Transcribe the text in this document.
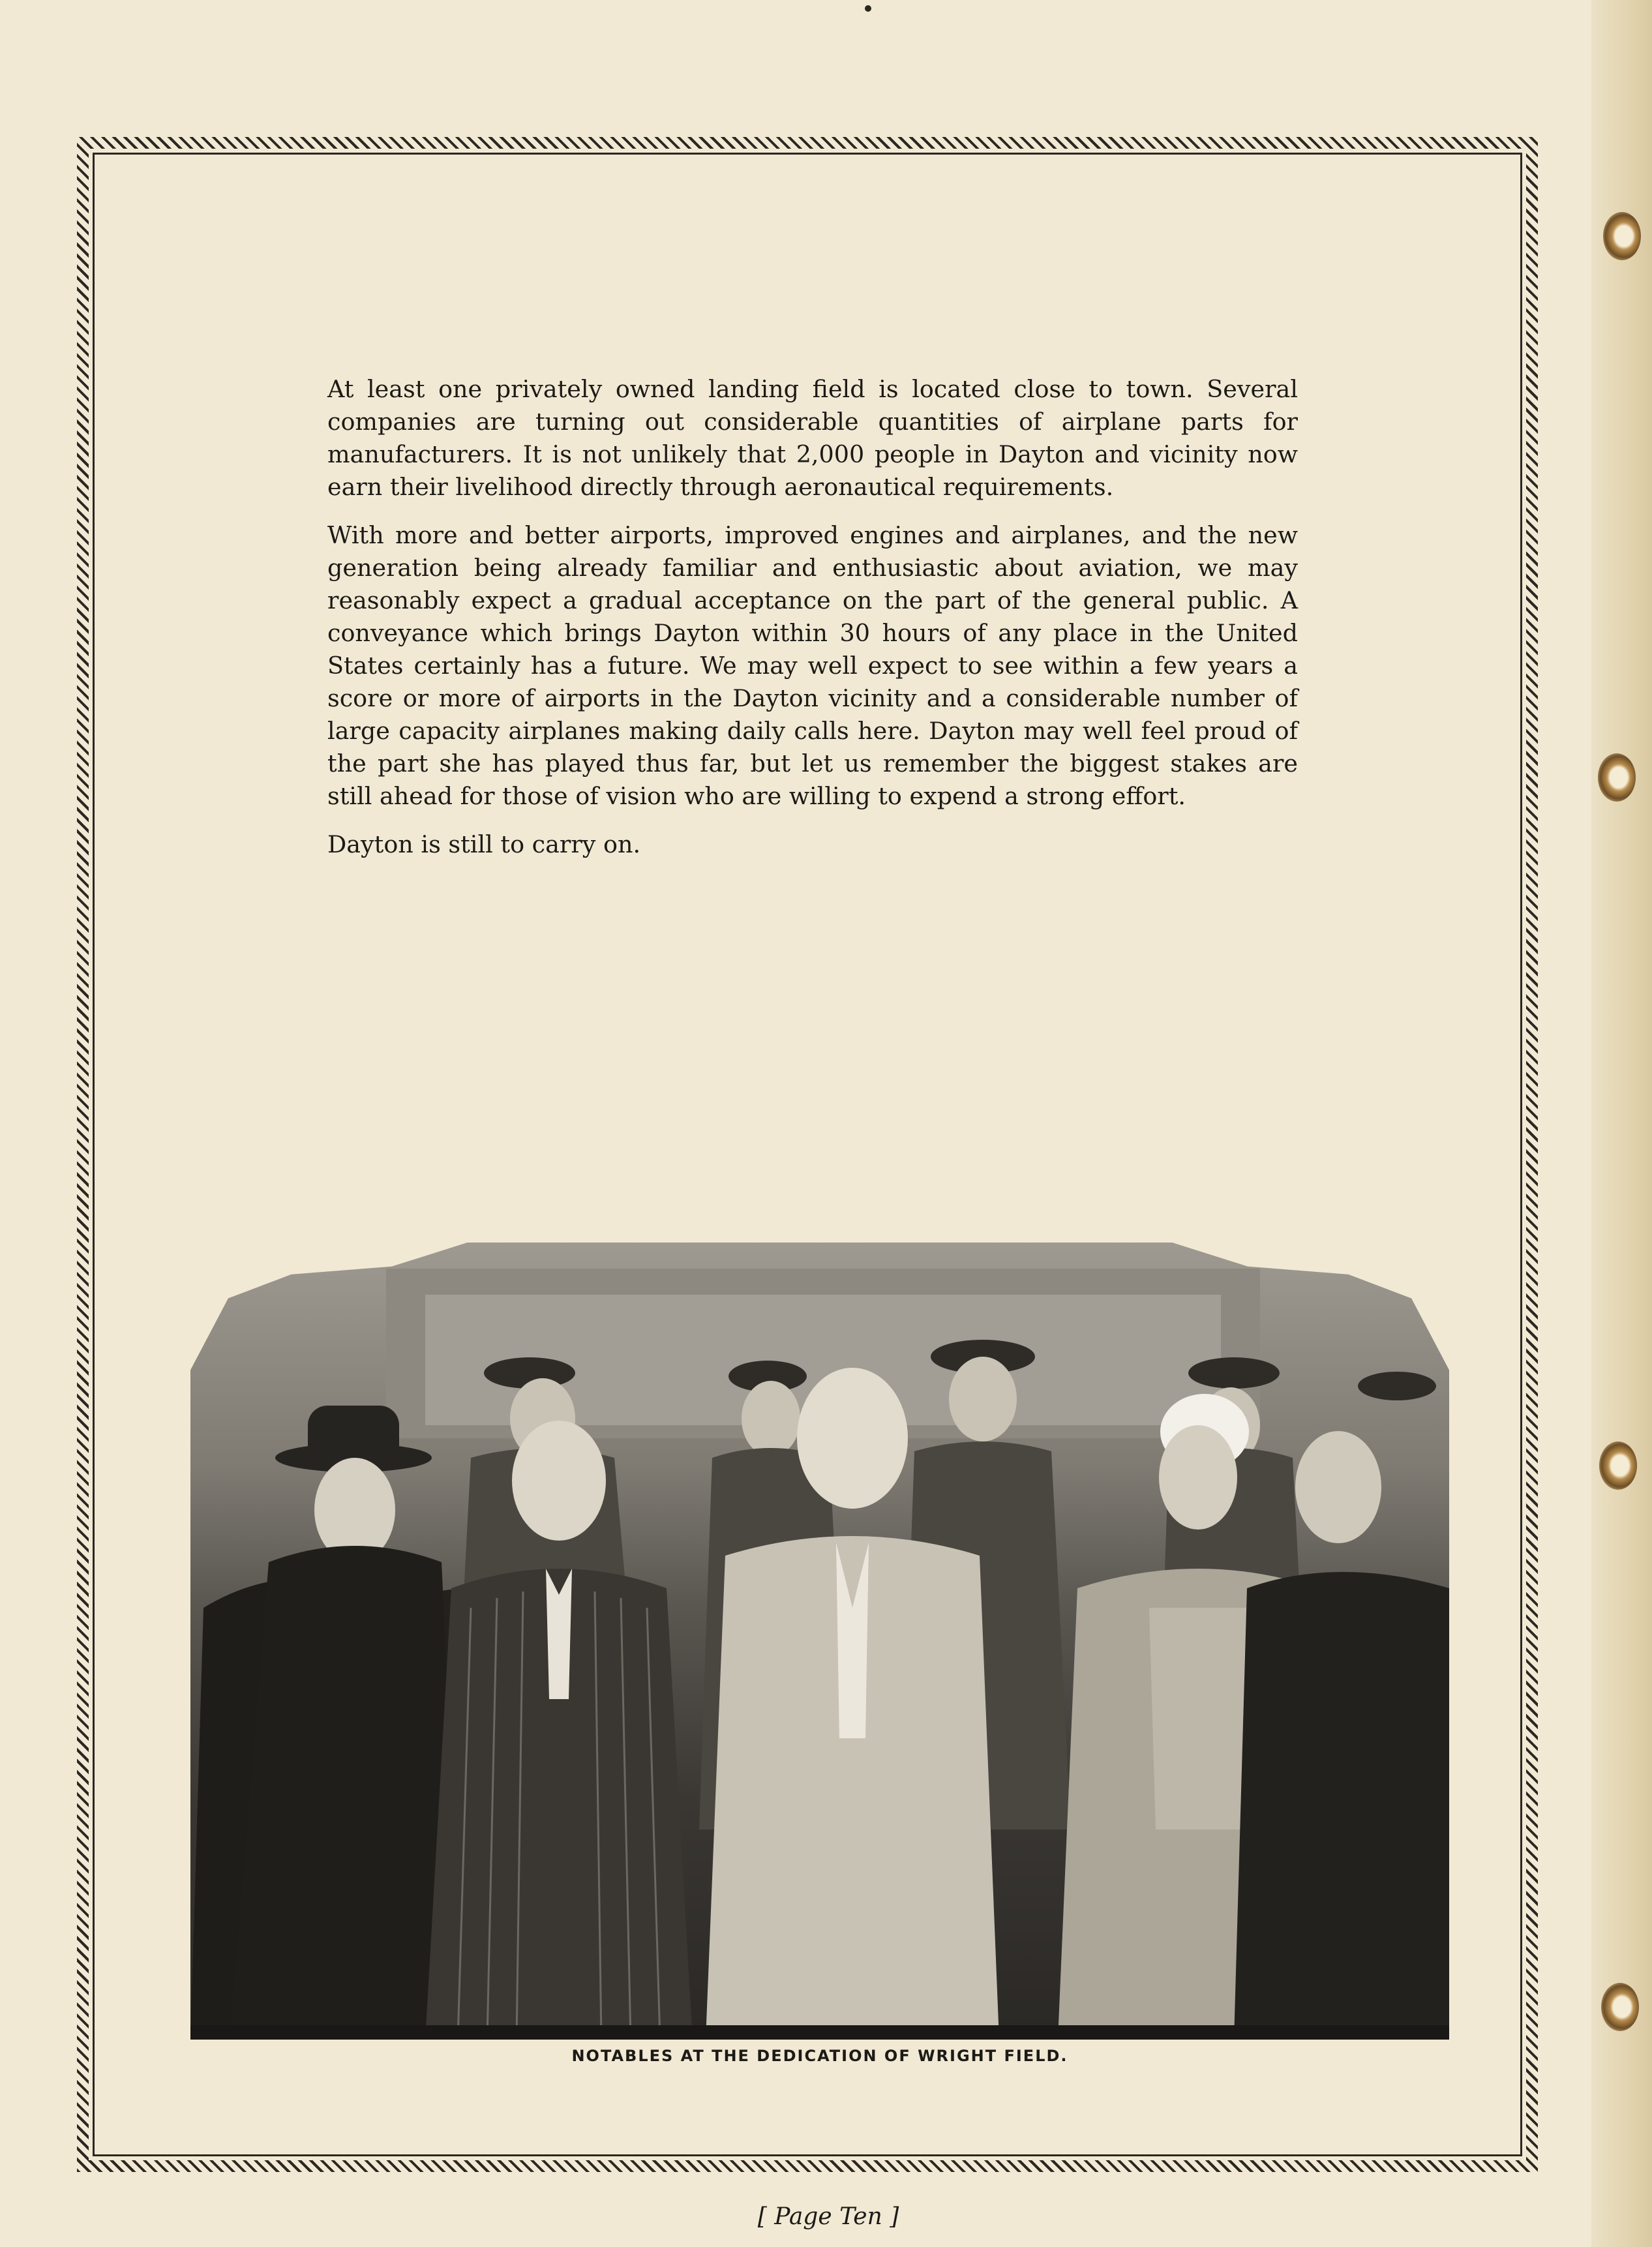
At least one privately owned landing field is located close to town. Several companies are turning out considerable quantities of airplane parts for manufacturers. It is not unlikely that 2,000 people in Dayton and vicinity now earn their livelihood directly through aeronautical requirements.

With more and better airports, improved engines and airplanes, and the new generation being already familiar and enthusiastic about aviation, we may reasonably expect a gradual acceptance on the part of the general public. A conveyance which brings Dayton within 30 hours of any place in the United States certainly has a future. We may well expect to see within a few years a score or more of airports in the Dayton vicinity and a considerable number of large capacity airplanes making daily calls here. Dayton may well feel proud of the part she has played thus far, but let us remember the biggest stakes are still ahead for those of vision who are willing to expend a strong effort.

Dayton is still to carry on.

NOTABLES AT THE DEDICATION OF WRIGHT FIELD.
[ Page Ten ]
